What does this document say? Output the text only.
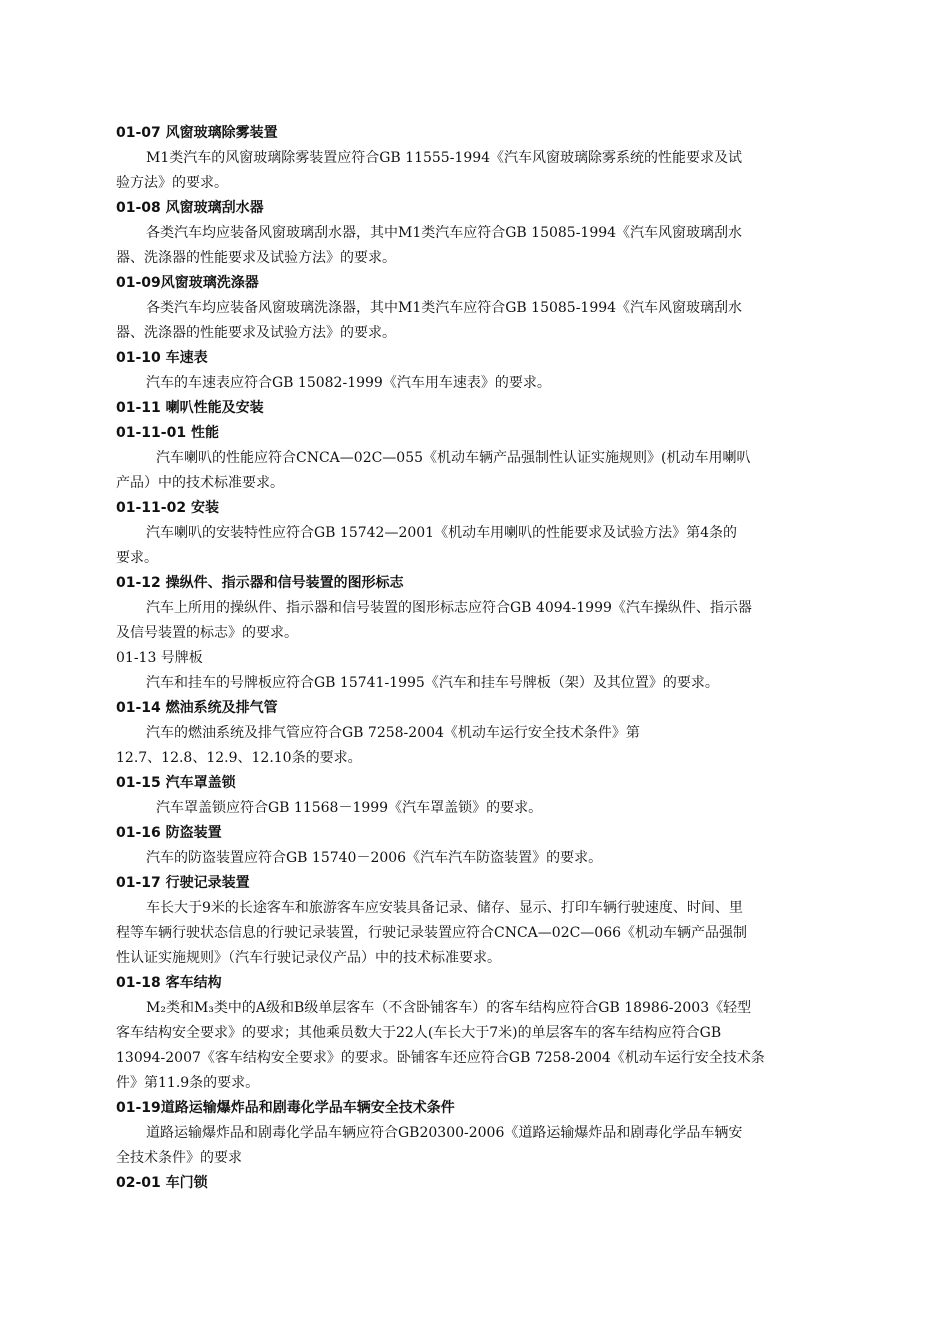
01-07 风窗玻璃除雾装置
M1类汽车的风窗玻璃除雾装置应符合GB 11555-1994《汽车风窗玻璃除雾系统的性能要求及试
验方法》的要求。
01-08 风窗玻璃刮水器
各类汽车均应装备风窗玻璃刮水器，其中M1类汽车应符合GB 15085-1994《汽车风窗玻璃刮水
器、洗涤器的性能要求及试验方法》的要求。
01-09风窗玻璃洗涤器
各类汽车均应装备风窗玻璃洗涤器，其中M1类汽车应符合GB 15085-1994《汽车风窗玻璃刮水
器、洗涤器的性能要求及试验方法》的要求。
01-10 车速表
汽车的车速表应符合GB 15082-1999《汽车用车速表》的要求。
01-11 喇叭性能及安装
01-11-01 性能
汽车喇叭的性能应符合CNCA—02C—055《机动车辆产品强制性认证实施规则》(机动车用喇叭
产品）中的技术标准要求。
01-11-02 安装
汽车喇叭的安装特性应符合GB 15742—2001《机动车用喇叭的性能要求及试验方法》第4条的
要求。
01-12 操纵件、指示器和信号装置的图形标志
汽车上所用的操纵件、指示器和信号装置的图形标志应符合GB 4094-1999《汽车操纵件、指示器
及信号装置的标志》的要求。
01-13 号牌板
汽车和挂车的号牌板应符合GB 15741-1995《汽车和挂车号牌板（架）及其位置》的要求。
01-14 燃油系统及排气管
汽车的燃油系统及排气管应符合GB 7258-2004《机动车运行安全技术条件》第
12.7、12.8、12.9、12.10条的要求。
01-15 汽车罩盖锁
汽车罩盖锁应符合GB 11568－1999《汽车罩盖锁》的要求。
01-16 防盗装置
汽车的防盗装置应符合GB 15740－2006《汽车汽车防盗装置》的要求。
01-17 行驶记录装置
车长大于9米的长途客车和旅游客车应安装具备记录、储存、显示、打印车辆行驶速度、时间、里
程等车辆行驶状态信息的行驶记录装置，行驶记录装置应符合CNCA—02C—066《机动车辆产品强制
性认证实施规则》（汽车行驶记录仪产品）中的技术标准要求。
01-18 客车结构
M₂类和M₃类中的A级和B级单层客车（不含卧铺客车）的客车结构应符合GB 18986-2003《轻型
客车结构安全要求》的要求；其他乘员数大于22人(车长大于7米)的单层客车的客车结构应符合GB
13094-2007《客车结构安全要求》的要求。卧铺客车还应符合GB 7258-2004《机动车运行安全技术条
件》第11.9条的要求。
01-19道路运输爆炸品和剧毒化学品车辆安全技术条件
道路运输爆炸品和剧毒化学品车辆应符合GB20300-2006《道路运输爆炸品和剧毒化学品车辆安
全技术条件》的要求
02-01 车门锁
